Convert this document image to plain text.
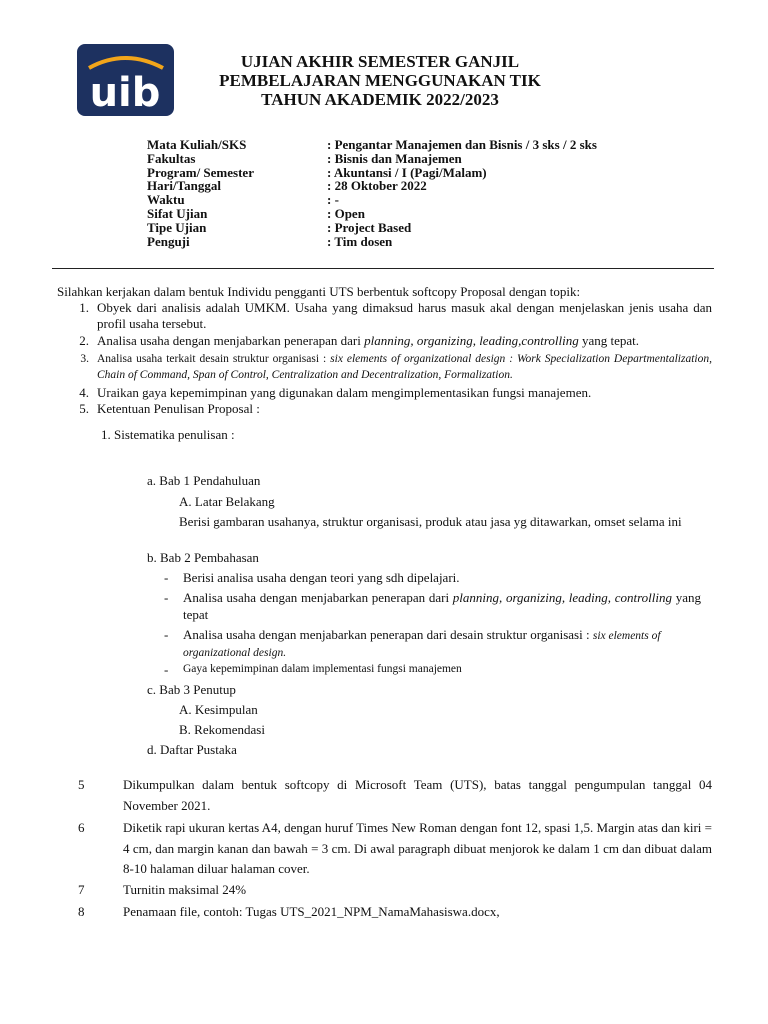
uib
UJIAN AKHIR SEMESTER GANJIL
PEMBELAJARAN MENGGUNAKAN TIK
TAHUN AKADEMIK 2022/2023
Mata Kuliah/SKS	: Pengantar Manajemen dan Bisnis / 3 sks / 2 sks
Fakultas	: Bisnis dan Manajemen
Program/ Semester	: Akuntansi / I (Pagi/Malam)
Hari/Tanggal	: 28 Oktober 2022
Waktu	: -
Sifat Ujian	: Open
Tipe Ujian	: Project Based
Penguji	: Tim dosen
Silahkan kerjakan dalam bentuk Individu pengganti UTS berbentuk softcopy Proposal dengan topik:
1. Obyek dari analisis adalah UMKM. Usaha yang dimaksud harus masuk akal dengan menjelaskan jenis usaha dan profil usaha tersebut.
2. Analisa usaha dengan menjabarkan penerapan dari planning, organizing, leading,controlling yang tepat.
3. Analisa usaha terkait desain struktur organisasi : six elements of organizational design : Work Specialization Departmentalization, Chain of Command, Span of Control, Centralization and Decentralization, Formalization.
4. Uraikan gaya kepemimpinan yang digunakan dalam mengimplementasikan fungsi manajemen.
5. Ketentuan Penulisan Proposal :
1. Sistematika penulisan :
a. Bab 1 Pendahuluan
A. Latar Belakang
Berisi gambaran usahanya, struktur organisasi, produk atau jasa yg ditawarkan, omset selama ini
b. Bab 2 Pembahasan
- Berisi analisa usaha dengan teori yang sdh dipelajari.
- Analisa usaha dengan menjabarkan penerapan dari planning, organizing, leading, controlling yang tepat
- Analisa usaha dengan menjabarkan penerapan dari desain struktur organisasi : six elements of organizational design.
- Gaya kepemimpinan dalam implementasi fungsi manajemen
c. Bab 3 Penutup
A. Kesimpulan
B. Rekomendasi
d. Daftar Pustaka
5	Dikumpulkan dalam bentuk softcopy di Microsoft Team (UTS), batas tanggal pengumpulan tanggal 04 November 2021.
6	Diketik rapi ukuran kertas A4, dengan huruf Times New Roman dengan font 12, spasi 1,5. Margin atas dan kiri = 4 cm, dan margin kanan dan bawah = 3 cm. Di awal paragraph dibuat menjorok ke dalam 1 cm dan dibuat dalam 8-10 halaman diluar halaman cover.
7	Turnitin maksimal 24%
8	Penamaan file, contoh: Tugas UTS_2021_NPM_NamaMahasiswa.docx,
